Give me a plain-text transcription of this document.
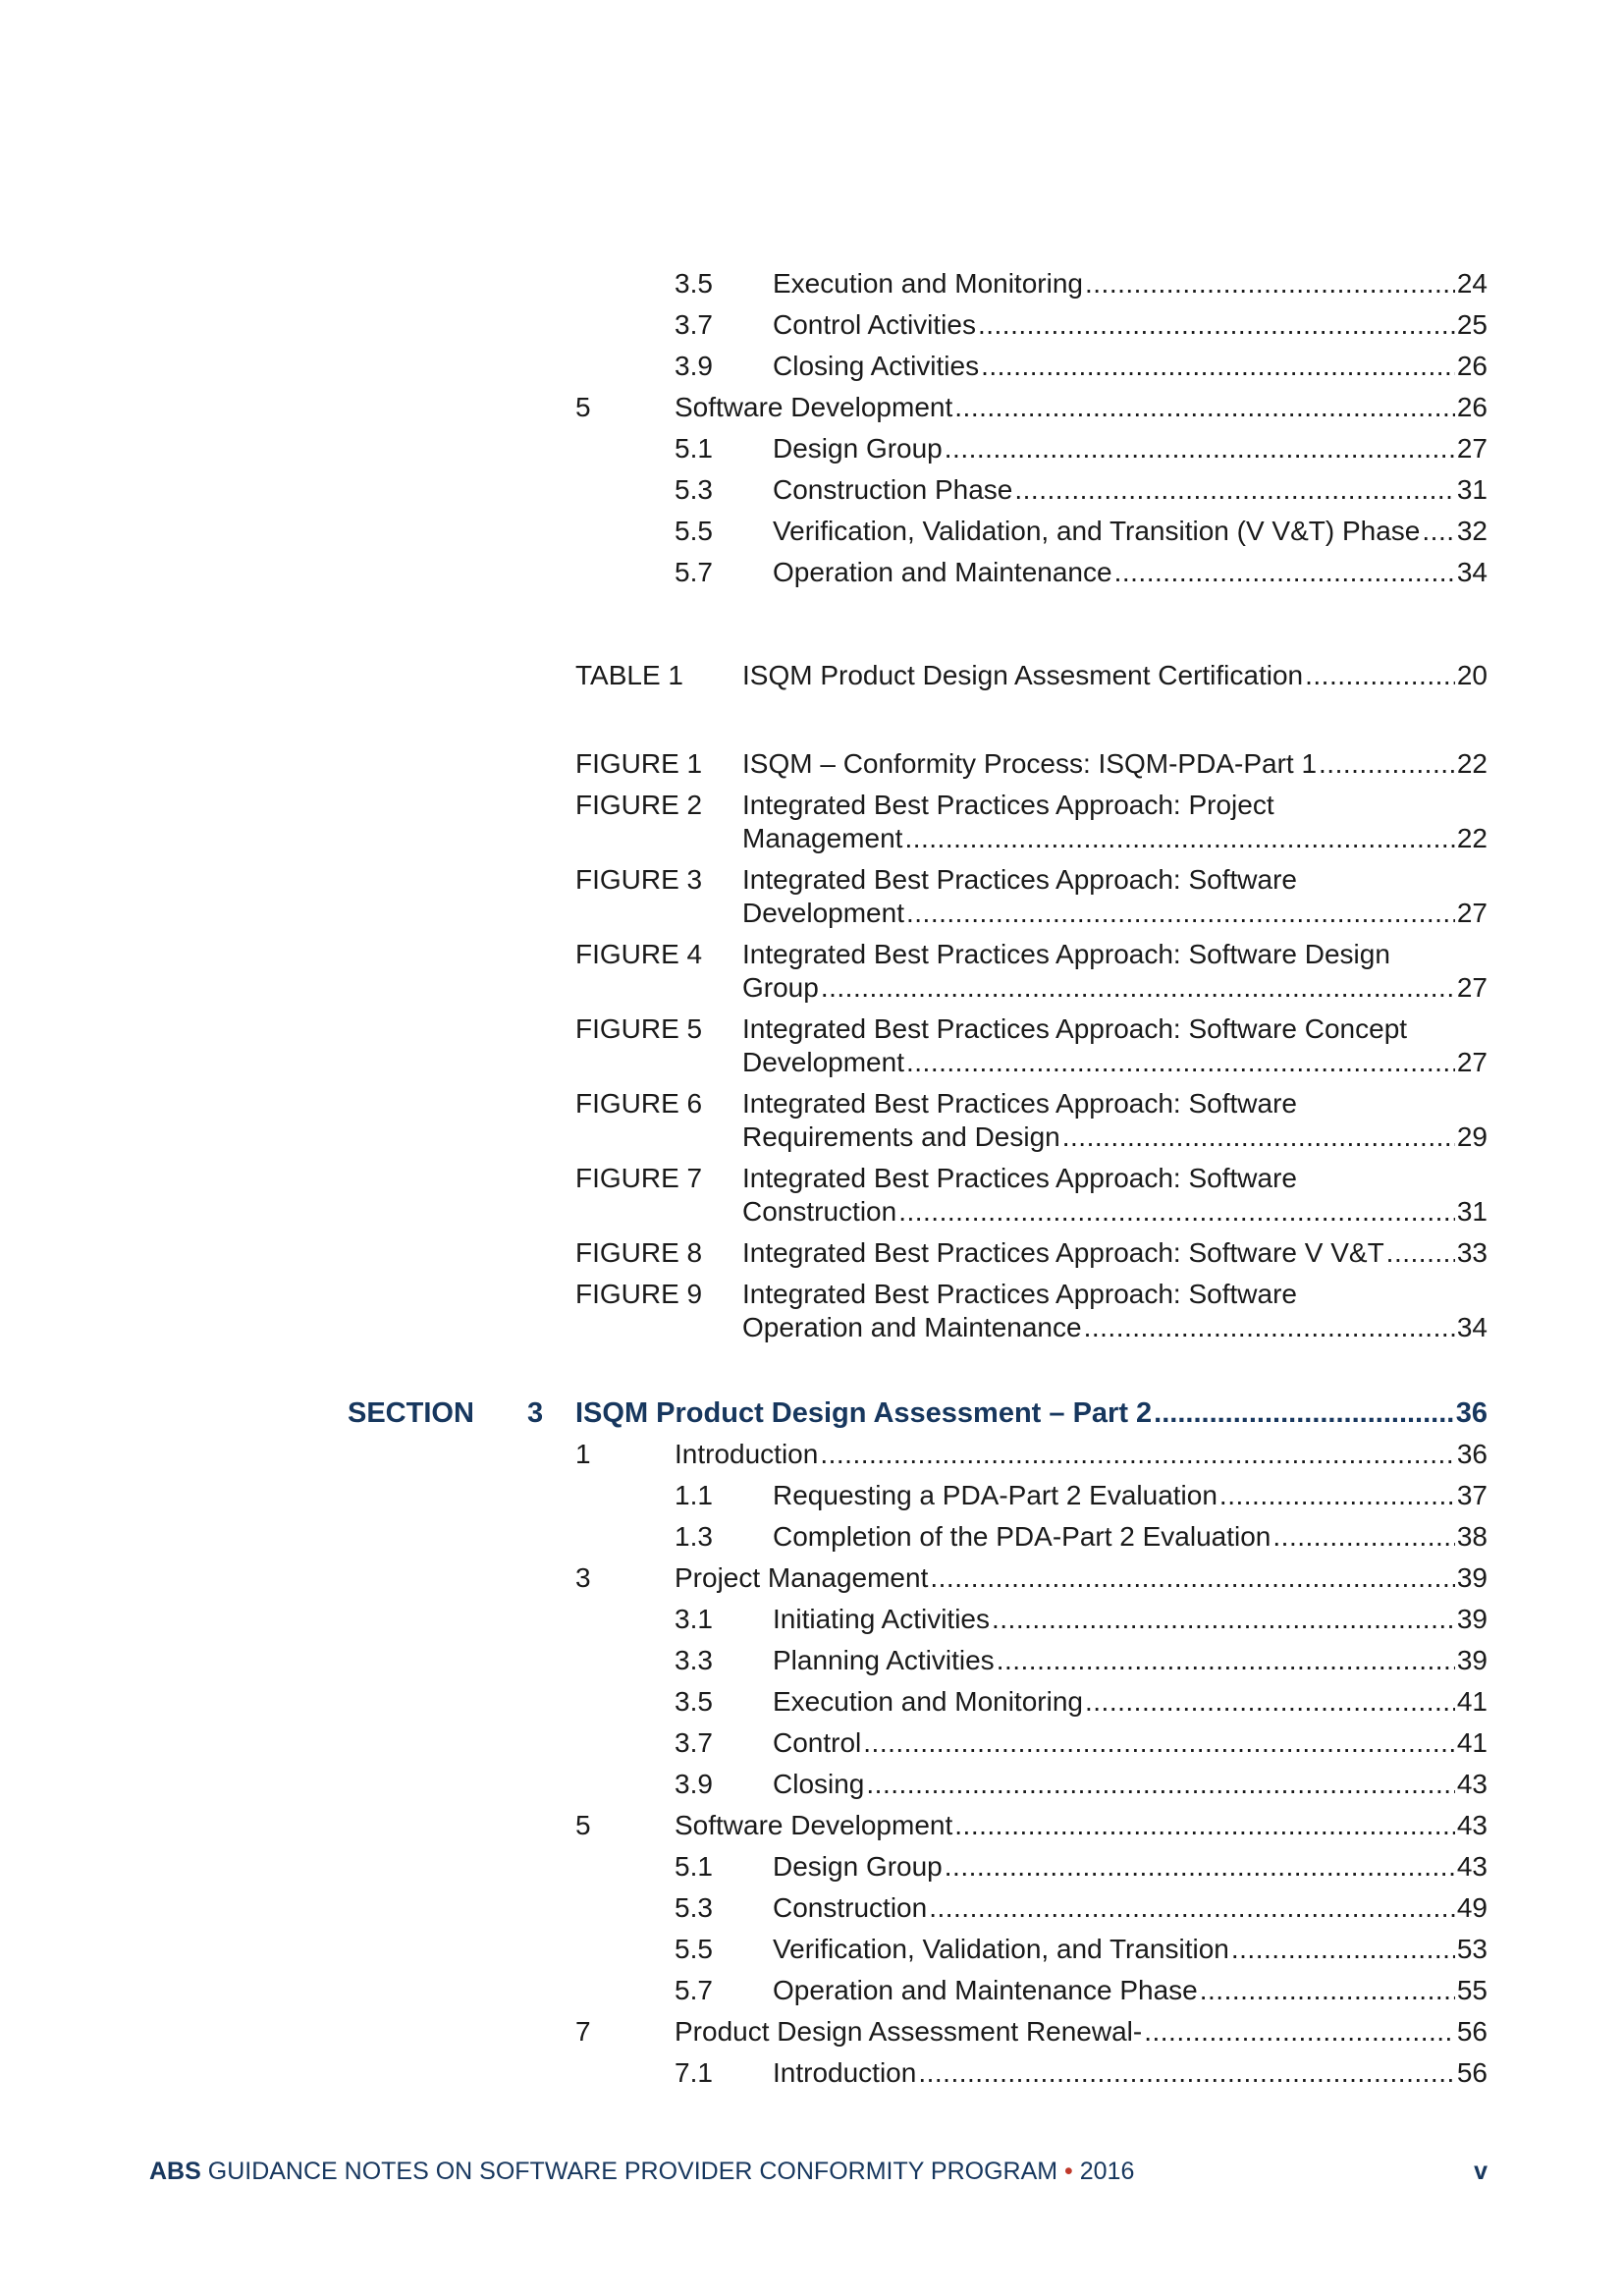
3.5 Execution and Monitoring .....	24
3.7 Control Activities .....	25
3.9 Closing Activities .....	26
5	Software Development .....	26
5.1 Design Group .....	27
5.3 Construction Phase .....	31
5.5 Verification, Validation, and Transition (V V&T) Phase ..... 32
5.7 Operation and Maintenance .....	34
TABLE 1 ISQM Product Design Assesment Certification .....	20
FIGURE 1 ISQM – Conformity Process: ISQM-PDA-Part 1 .....	22
FIGURE 2 Integrated Best Practices Approach: Project
Management .....	22
FIGURE 3 Integrated Best Practices Approach: Software
Development .....	27
FIGURE 4 Integrated Best Practices Approach: Software Design
Group .....	27
FIGURE 5 Integrated Best Practices Approach: Software Concept
Development .....	27
FIGURE 6 Integrated Best Practices Approach: Software
Requirements and Design .....	29
FIGURE 7 Integrated Best Practices Approach: Software
Construction .....	31
FIGURE 8 Integrated Best Practices Approach: Software V V&T .....	33
FIGURE 9 Integrated Best Practices Approach: Software
Operation and Maintenance .....	34
SECTION 3 ISQM Product Design Assessment – Part 2 .....	36
1	Introduction .....	36
1.1 Requesting a PDA-Part 2 Evaluation .....	37
1.3 Completion of the PDA-Part 2 Evaluation .....	38
3	Project Management .....	39
3.1 Initiating Activities .....	39
3.3 Planning Activities .....	39
3.5 Execution and Monitoring .....	41
3.7 Control .....	41
3.9 Closing .....	43
5	Software Development .....	43
5.1 Design Group .....	43
5.3 Construction .....	49
5.5 Verification, Validation, and Transition .....	53
5.7 Operation and Maintenance Phase .....	55
7	Product Design Assessment Renewal- .....	56
7.1 Introduction .....	56
ABS GUIDANCE NOTES ON SOFTWARE PROVIDER CONFORMITY PROGRAM • 2016	v
